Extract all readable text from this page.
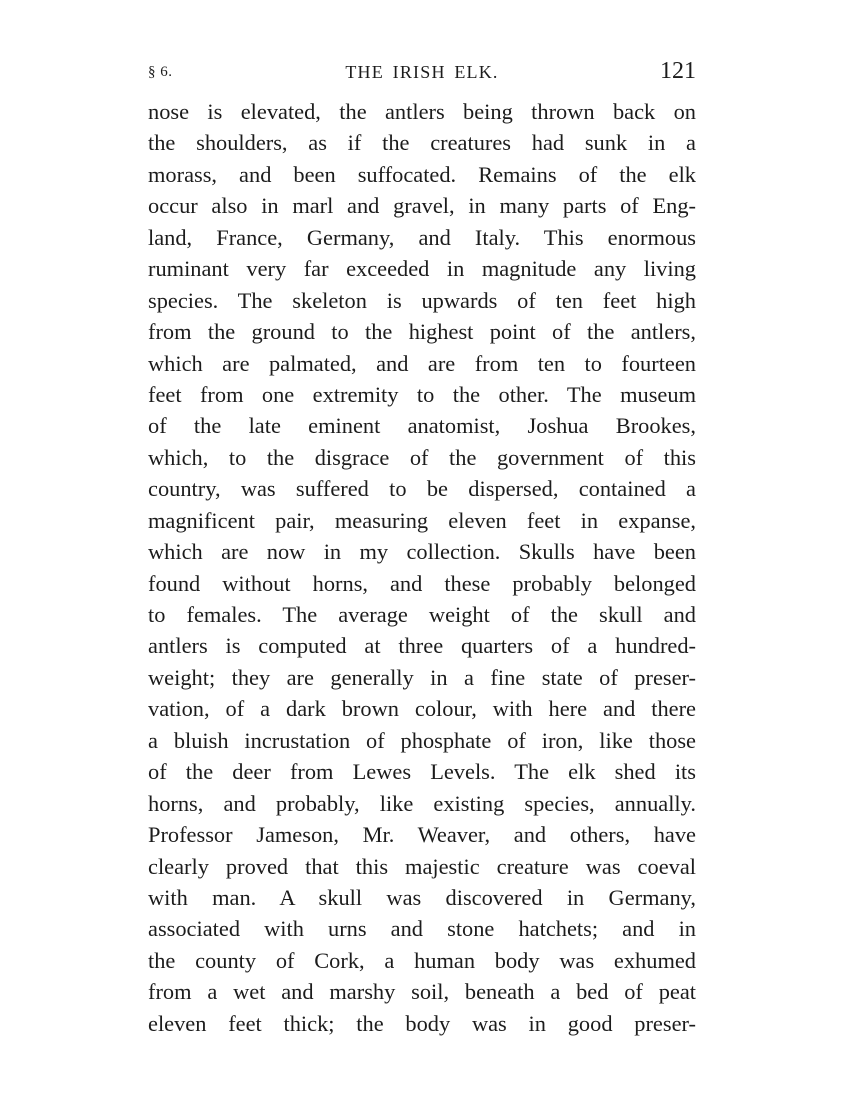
§ 6.	THE IRISH ELK.	121
nose is elevated, the antlers being thrown back on
the shoulders, as if the creatures had sunk in a
morass, and been suffocated. Remains of the elk
occur also in marl and gravel, in many parts of Eng-
land, France, Germany, and Italy. This enormous
ruminant very far exceeded in magnitude any living
species. The skeleton is upwards of ten feet high
from the ground to the highest point of the antlers,
which are palmated, and are from ten to fourteen
feet from one extremity to the other. The museum
of the late eminent anatomist, Joshua Brookes,
which, to the disgrace of the government of this
country, was suffered to be dispersed, contained a
magnificent pair, measuring eleven feet in expanse,
which are now in my collection. Skulls have been
found without horns, and these probably belonged
to females. The average weight of the skull and
antlers is computed at three quarters of a hundred-
weight; they are generally in a fine state of preser-
vation, of a dark brown colour, with here and there
a bluish incrustation of phosphate of iron, like those
of the deer from Lewes Levels. The elk shed its
horns, and probably, like existing species, annually.
Professor Jameson, Mr. Weaver, and others, have
clearly proved that this majestic creature was coeval
with man. A skull was discovered in Germany,
associated with urns and stone hatchets; and in
the county of Cork, a human body was exhumed
from a wet and marshy soil, beneath a bed of peat
eleven feet thick; the body was in good preser-
